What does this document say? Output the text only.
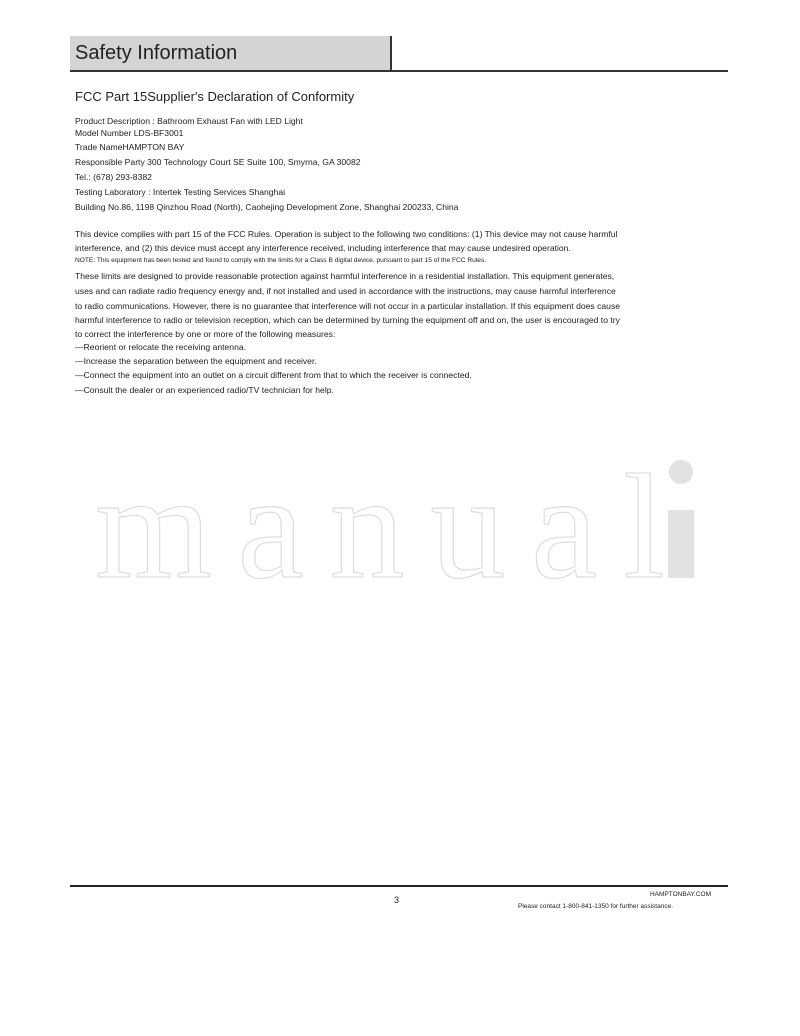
Safety Information
FCC Part 15Supplier's Declaration of Conformity
Product Description : Bathroom Exhaust Fan with LED Light
Model Number LDS-BF3001
Trade NameHAMPTON BAY
Responsible Party 300 Technology Court SE Suite 100, Smyrna, GA 30082
Tel.: (678) 293-8382
Testing Laboratory : Intertek Testing Services Shanghai
Building No.86, 1198 Qinzhou Road (North), Caohejing Development Zone, Shanghai 200233, China
This device complies with part 15 of the FCC Rules. Operation is subject to the following two conditions: (1) This device may not cause harmful
interference, and (2) this device must accept any interference received, including interference that may cause undesired operation.
NOTE: This equipment has been tested and found to comply with the limits for a Class B digital device, pursuant to part 15 of the FCC Rules.
These limits are designed to provide reasonable protection against harmful interference in a residential installation. This equipment generates,
uses and can radiate radio frequency energy and, if not installed and used in accordance with the instructions, may cause harmful interference
to radio communications. However, there is no guarantee that interference will not occur in a particular installation. If this equipment does cause
harmful interference to radio or television reception, which can be determined by turning the equipment off and on, the user is encouraged to try
to correct the interference by one or more of the following measures:
—Reorient or relocate the receiving antenna.
—Increase the separation between the equipment and receiver.
—Connect the equipment into an outlet on a circuit different from that to which the receiver is connected.
—Consult the dealer or an experienced radio/TV technician for help.
manual
3
HAMPTONBAY.COM
Please contact 1-800-841-1350 for further assistance.
